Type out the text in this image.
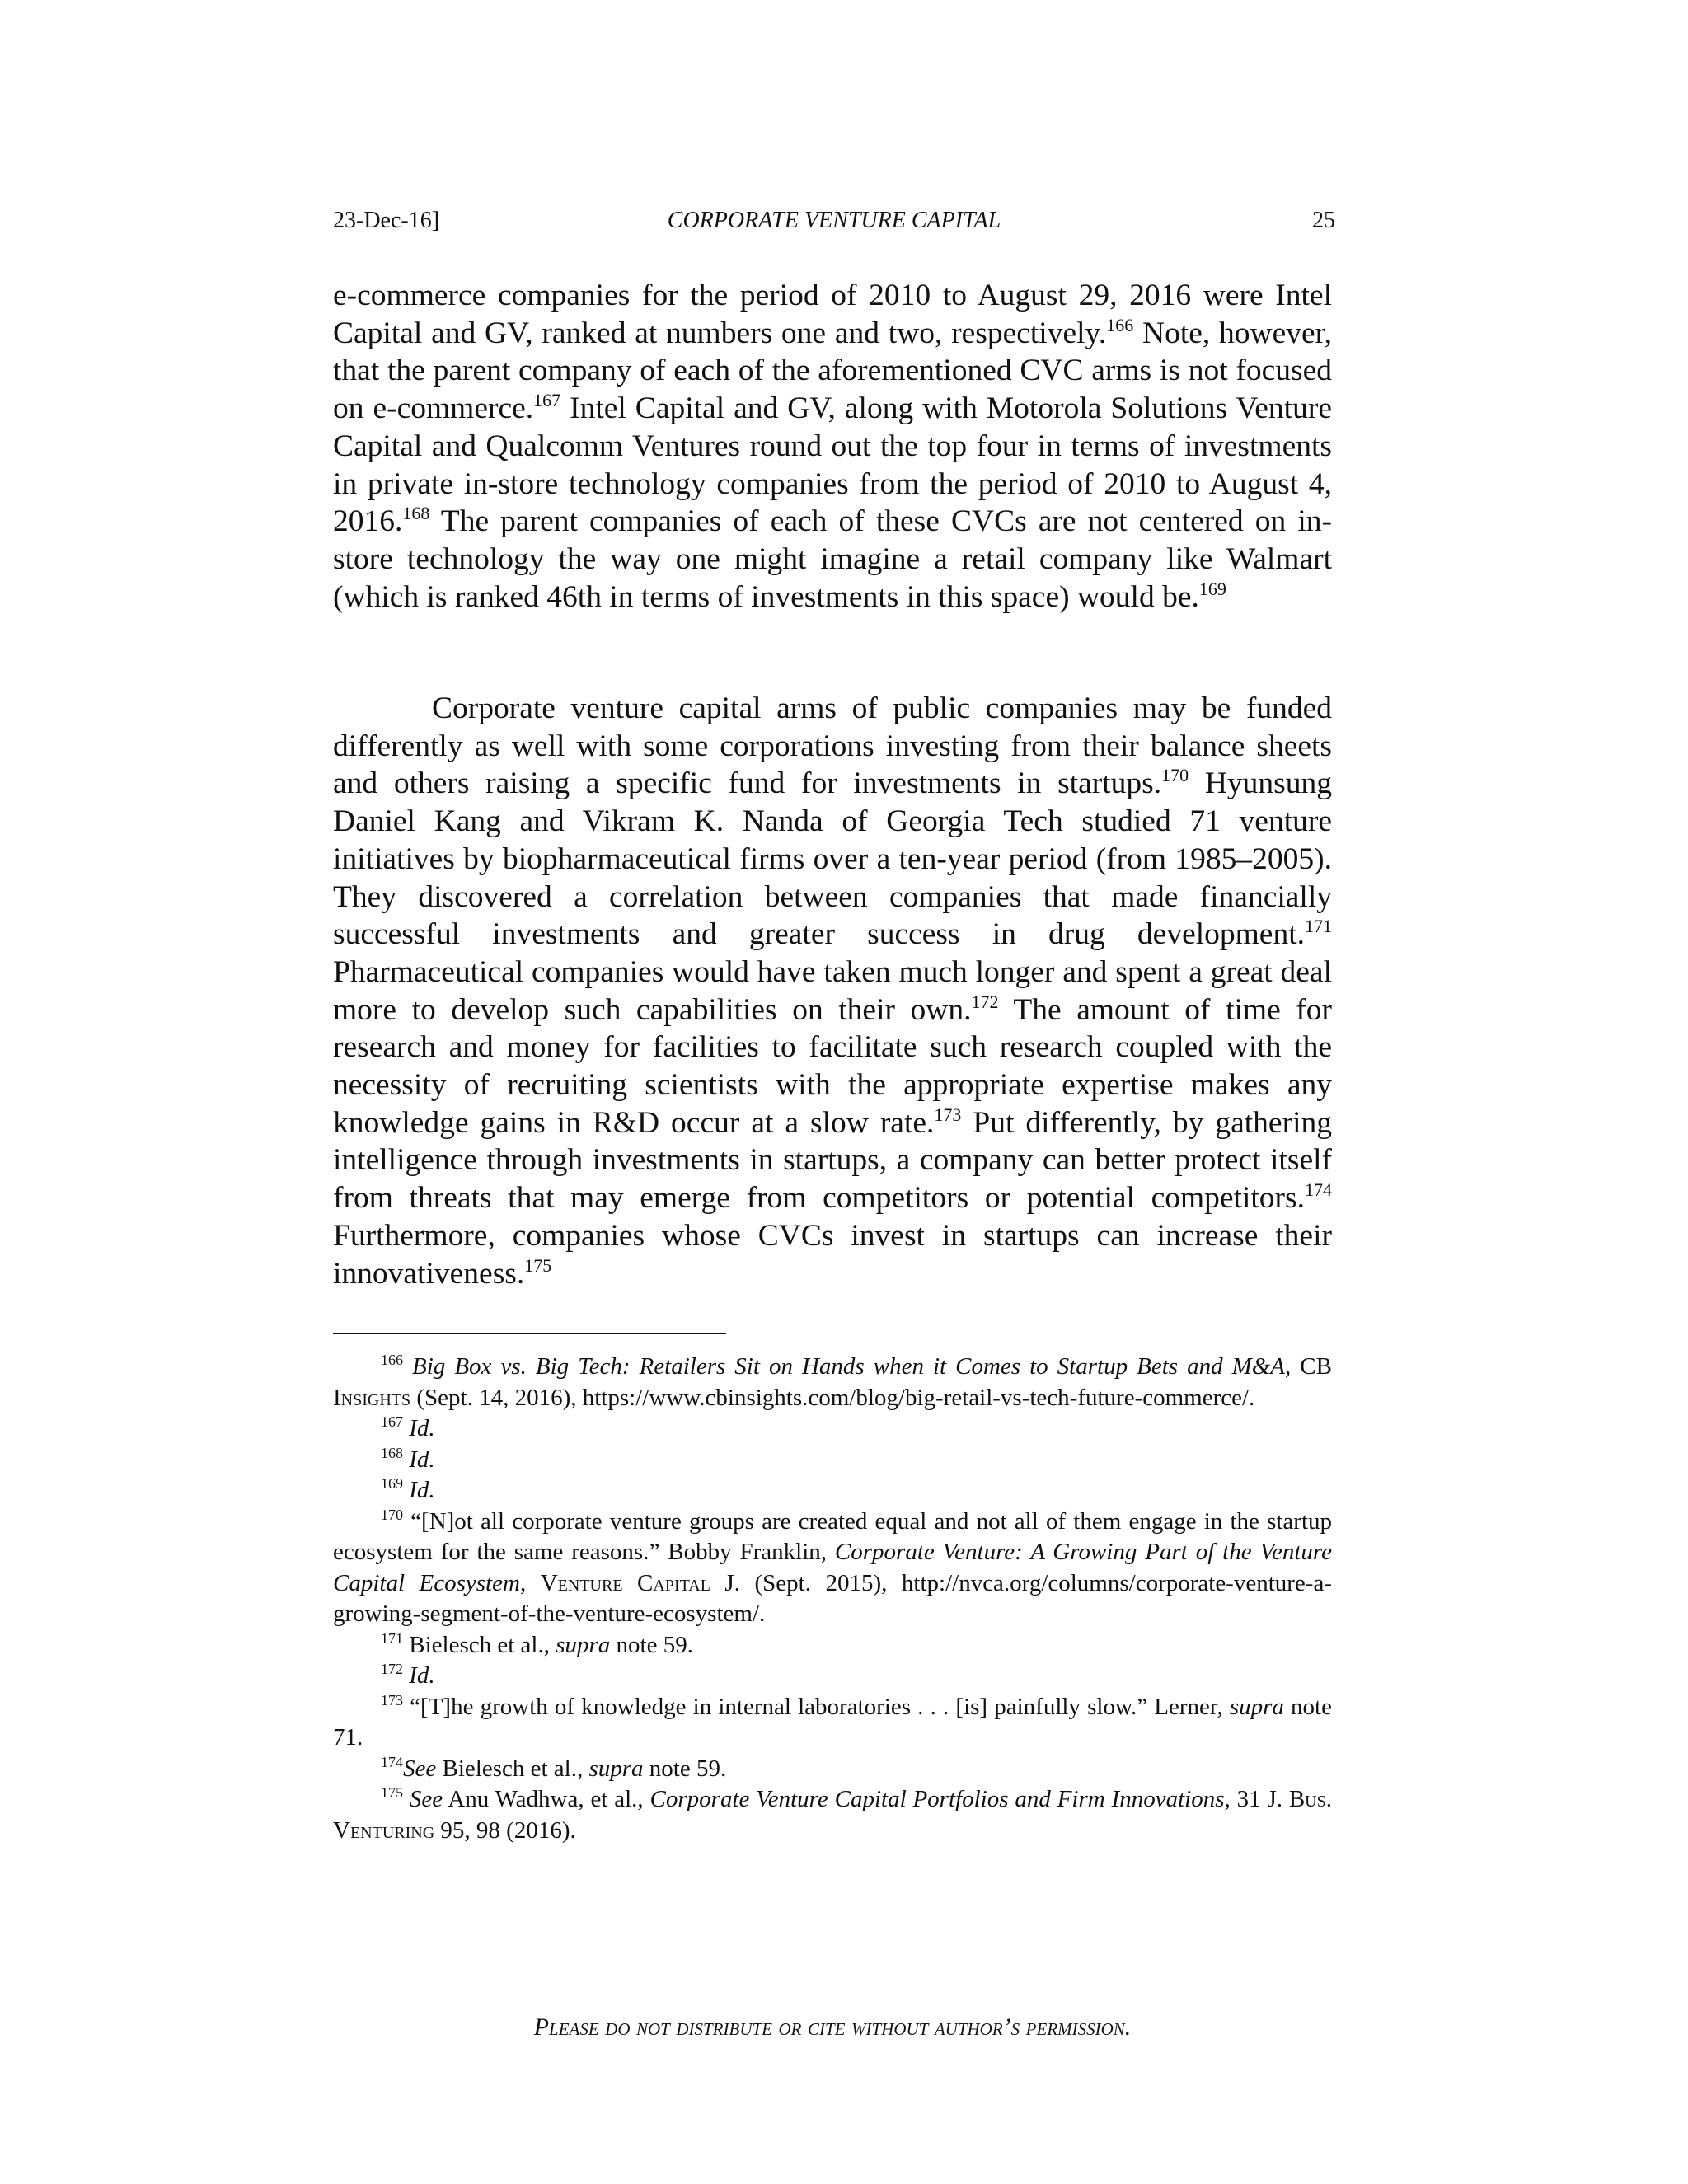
23-Dec-16]	CORPORATE VENTURE CAPITAL	25

e-commerce companies for the period of 2010 to August 29, 2016 were Intel Capital and GV, ranked at numbers one and two, respectively.$^{166}$ Note, however, that the parent company of each of the aforementioned CVC arms is not focused on e-commerce.$^{167}$ Intel Capital and GV, along with Motorola Solutions Venture Capital and Qualcomm Ventures round out the top four in terms of investments in private in-store technology companies from the period of 2010 to August 4, 2016.$^{168}$ The parent companies of each of these CVCs are not centered on in-store technology the way one might imagine a retail company like Walmart (which is ranked 46th in terms of investments in this space) would be.$^{169}$

Corporate venture capital arms of public companies may be funded differently as well with some corporations investing from their balance sheets and others raising a specific fund for investments in startups.$^{170}$ Hyunsung Daniel Kang and Vikram K. Nanda of Georgia Tech studied 71 venture initiatives by biopharmaceutical firms over a ten-year period (from 1985–2005). They discovered a correlation between companies that made financially successful investments and greater success in drug development.$^{171}$ Pharmaceutical companies would have taken much longer and spent a great deal more to develop such capabilities on their own.$^{172}$ The amount of time for research and money for facilities to facilitate such research coupled with the necessity of recruiting scientists with the appropriate expertise makes any knowledge gains in R&D occur at a slow rate.$^{173}$ Put differently, by gathering intelligence through investments in startups, a company can better protect itself from threats that may emerge from competitors or potential competitors.$^{174}$ Furthermore, companies whose CVCs invest in startups can increase their innovativeness.$^{175}$

$^{166}$ Big Box vs. Big Tech: Retailers Sit on Hands when it Comes to Startup Bets and M&A, CB Insights (Sept. 14, 2016), https://www.cbinsights.com/blog/big-retail-vs-tech-future-commerce/.

$^{167}$ Id.

$^{168}$ Id.

$^{169}$ Id.

$^{170}$ “[N]ot all corporate venture groups are created equal and not all of them engage in the startup ecosystem for the same reasons.” Bobby Franklin, Corporate Venture: A Growing Part of the Venture Capital Ecosystem, Venture Capital J. (Sept. 2015), http://nvca.org/columns/corporate-venture-a-growing-segment-of-the-venture-ecosystem/.

$^{171}$ Bielesch et al., supra note 59.

$^{172}$ Id.

$^{173}$ “[T]he growth of knowledge in internal laboratories . . . [is] painfully slow.” Lerner, supra note 71.

$^{174}$See Bielesch et al., supra note 59.

$^{175}$ See Anu Wadhwa, et al., Corporate Venture Capital Portfolios and Firm Innovations, 31 J. Bus. Venturing 95, 98 (2016).

Please do not distribute or cite without author’s permission.
